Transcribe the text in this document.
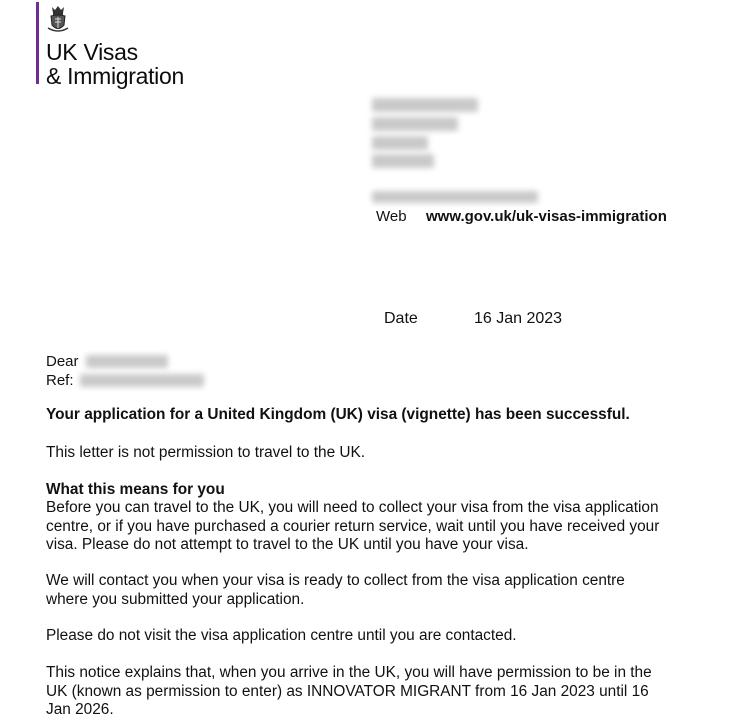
UK Visas
& Immigration
Web www.gov.uk/uk-visas-immigration
Date	16 Jan 2023
Dear
Ref:
Your application for a United Kingdom (UK) visa (vignette) has been successful.
This letter is not permission to travel to the UK.
What this means for you
Before you can travel to the UK, you will need to collect your visa from the visa application
centre, or if you have purchased a courier return service, wait until you have received your
visa. Please do not attempt to travel to the UK until you have your visa.
We will contact you when your visa is ready to collect from the visa application centre
where you submitted your application.
Please do not visit the visa application centre until you are contacted.
This notice explains that, when you arrive in the UK, you will have permission to be in the
UK (known as permission to enter) as INNOVATOR MIGRANT from 16 Jan 2023 until 16
Jan 2026.
